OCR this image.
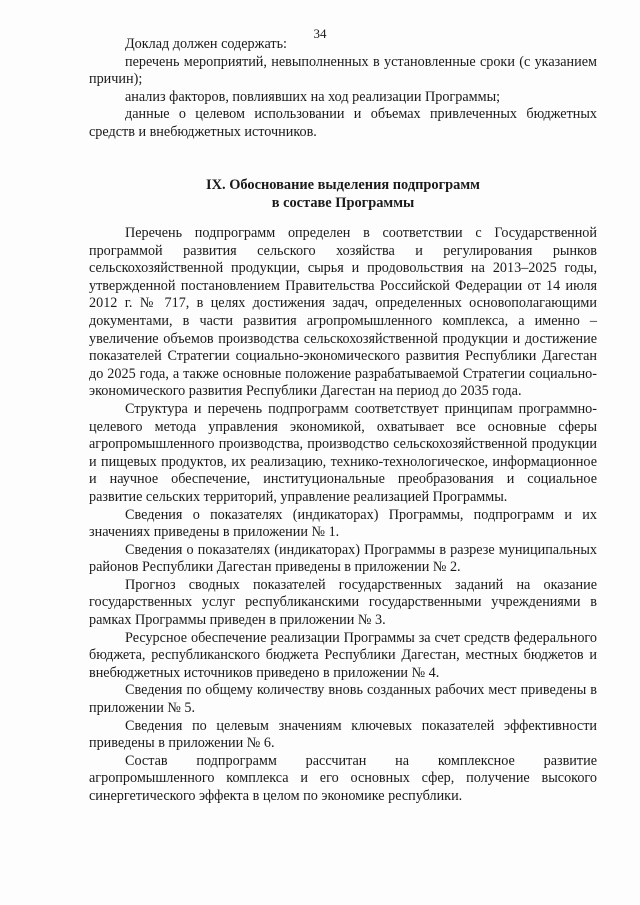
34

Доклад должен содержать:

перечень мероприятий, невыполненных в установленные сроки (с указанием причин);

анализ факторов, повлиявших на ход реализации Программы;

данные о целевом использовании и объемах привлеченных бюджетных средств и внебюджетных источников.

IX. Обоснование выделения подпрограмм
в составе Программы

Перечень подпрограмм определен в соответствии с Государственной программой развития сельского хозяйства и регулирования рынков сельскохозяйственной продукции, сырья и продовольствия на 2013–2025 годы, утвержденной постановлением Правительства Российской Федерации от 14 июля 2012 г. № 717, в целях достижения задач, определенных основополагающими документами, в части развития агропромышленного комплекса, а именно – увеличение объемов производства сельскохозяйственной продукции и достижение показателей Стратегии социально-экономического развития Республики Дагестан до 2025 года, а также основные положение разрабатываемой Стратегии социально-экономического развития Республики Дагестан на период до 2035 года.

Структура и перечень подпрограмм соответствует принципам программно-целевого метода управления экономикой, охватывает все основные сферы агропромышленного производства, производство сельскохозяйственной продукции и пищевых продуктов, их реализацию, технико-технологическое, информационное и научное обеспечение, институциональные преобразования и социальное развитие сельских территорий, управление реализацией Программы.

Сведения о показателях (индикаторах) Программы, подпрограмм и их значениях приведены в приложении № 1.

Сведения о показателях (индикаторах) Программы в разрезе муниципальных районов Республики Дагестан приведены в приложении № 2.

Прогноз сводных показателей государственных заданий на оказание государственных услуг республиканскими государственными учреждениями в рамках Программы приведен в приложении № 3.

Ресурсное обеспечение реализации Программы за счет средств федерального бюджета, республиканского бюджета Республики Дагестан, местных бюджетов и внебюджетных источников приведено в приложении № 4.

Сведения по общему количеству вновь созданных рабочих мест приведены в приложении № 5.

Сведения по целевым значениям ключевых показателей эффективности приведены в приложении № 6.

Состав подпрограмм рассчитан на комплексное развитие агропромышленного комплекса и его основных сфер, получение высокого синергетического эффекта в целом по экономике республики.
